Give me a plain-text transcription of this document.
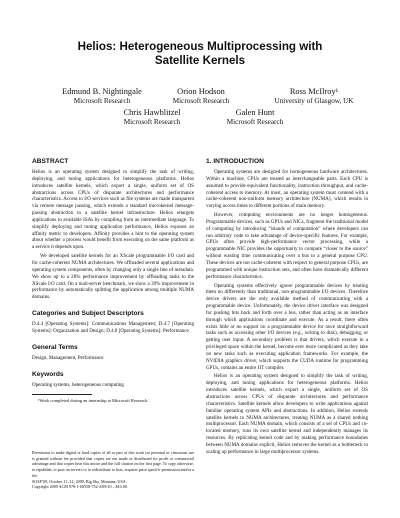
Helios: Heterogeneous Multiprocessing with
Satellite Kernels
Edmund B. Nightingale
Microsoft Research
Orion Hodson
Microsoft Research
Ross McIlroy¹
University of Glasgow, UK
Chris Hawblitzel
Microsoft Research
Galen Hunt
Microsoft Research
ABSTRACT

Helios is an operating system designed to simplify the task of writing, deploying, and tuning applications for heterogeneous platforms. Helios introduces satellite kernels, which export a single, uniform set of OS abstractions across CPUs of disparate architectures and performance characteristics. Access to I/O services such as file systems are made transparent via remote message passing, which extends a standard microkernel message-passing abstraction to a satellite kernel infrastructure. Helios retargets applications to available ISAs by compiling from an intermediate language. To simplify deploying and tuning application performance, Helios exposes an affinity metric to developers. Affinity provides a hint to the operating system about whether a process would benefit from executing on the same platform as a service it depends upon.

We developed satellite kernels for an XScale programmable I/O card and for cache-coherent NUMA architectures. We offloaded several applications and operating system components, often by changing only a single line of metadata. We show up to a 28% performance improvement by offloading tasks to the XScale I/O card. On a mail-server benchmark, we show a 39% improvement in performance by automatically splitting the application among multiple NUMA domains.

Categories and Subject Descriptors

D.4.4 [Operating Systems]: Communications Management; D.4.7 [Operating Systems]: Organization and Design; D.4.8 [Operating Systems]: Performance

General Terms

Design, Management, Performance

Keywords

Operating systems, heterogeneous computing

¹Work completed during an internship at Microsoft Research.

Permission to make digital or hard copies of all or part of this work for personal or classroom use is granted without fee provided that copies are not made or distributed for profit or commercial advantage and that copies bear this notice and the full citation on the first page. To copy otherwise, to republish, to post on servers or to redistribute to lists, requires prior specific permission and/or a fee.
SOSP’09, October 11–14, 2009, Big Sky, Montana, USA.
Copyright 2009 ACM 978-1-60558-752-3/09/10 ...$10.00.
1. INTRODUCTION

Operating systems are designed for homogeneous hardware architectures. Within a machine, CPUs are treated as interchangeable parts. Each CPU is assumed to provide equivalent functionality, instruction throughput, and cache-coherent access to memory. At most, an operating system must contend with a cache-coherent non-uniform memory architecture (NUMA), which results in varying access times to different portions of main memory.

However, computing environments are no longer homogeneous. Programmable devices, such as GPUs and NICs, fragment the traditional model of computing by introducing “islands of computation” where developers can run arbitrary code to take advantage of device-specific features. For example, GPUs often provide high-performance vector processing, while a programmable NIC provides the opportunity to compute “closer to the source” without wasting time communicating over a bus to a general purpose CPU. These devices are not cache-coherent with respect to general purpose CPUs, are programmed with unique instruction sets, and often have dramatically different performance characteristics.

Operating systems effectively ignore programmable devices by treating them no differently than traditional, non-programmable I/O devices. Therefore device drivers are the only available method of communicating with a programmable device. Unfortunately, the device driver interface was designed for pushing bits back and forth over a bus, rather than acting as an interface through which applications coordinate and execute. As a result, there often exists little or no support on a programmable device for once straightforward tasks such as accessing other I/O devices (e.g., writing to disk), debugging, or getting user input. A secondary problem is that drivers, which execute in a privileged space within the kernel, become ever more complicated as they take on new tasks such as executing application frameworks. For example, the NVIDIA graphics driver, which supports the CUDA runtime for programming GPUs, contains an entire JIT compiler.

Helios is an operating system designed to simplify the task of writing, deploying, and tuning applications for heterogeneous platforms. Helios introduces satellite kernels, which export a single, uniform set of OS abstractions across CPUs of disparate architectures and performance characteristics. Satellite kernels allow developers to write applications against familiar operating system APIs and abstractions. In addition, Helios extends satellite kernels to NUMA architectures, treating NUMA as a shared nothing multiprocessor. Each NUMA domain, which consists of a set of CPUs and co-located memory, runs its own satellite kernel and independently manages its resources. By replicating kernel code and by making performance boundaries between NUMA domains explicit, Helios removes the kernel as a bottleneck to scaling up performance in large multiprocessor systems.
